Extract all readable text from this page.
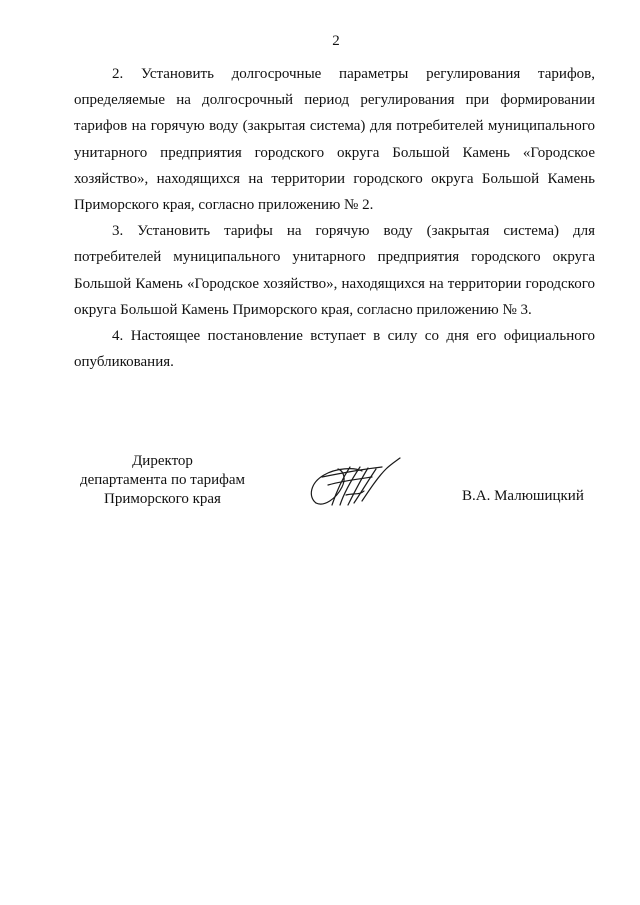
2

2. Установить долгосрочные параметры регулирования тарифов, определяемые на долгосрочный период регулирования при формировании тарифов на горячую воду (закрытая система) для потребителей муниципального унитарного предприятия городского округа Большой Камень «Городское хозяйство», находящихся на территории городского округа Большой Камень Приморского края, согласно приложению № 2.

3. Установить тарифы на горячую воду (закрытая система) для потребителей муниципального унитарного предприятия городского округа Большой Камень «Городское хозяйство», находящихся на территории городского округа Большой Камень Приморского края, согласно приложению № 3.

4. Настоящее постановление вступает в силу со дня его официального опубликования.

Директор
департамента по тарифам
Приморского края	В.А. Малюшицкий
